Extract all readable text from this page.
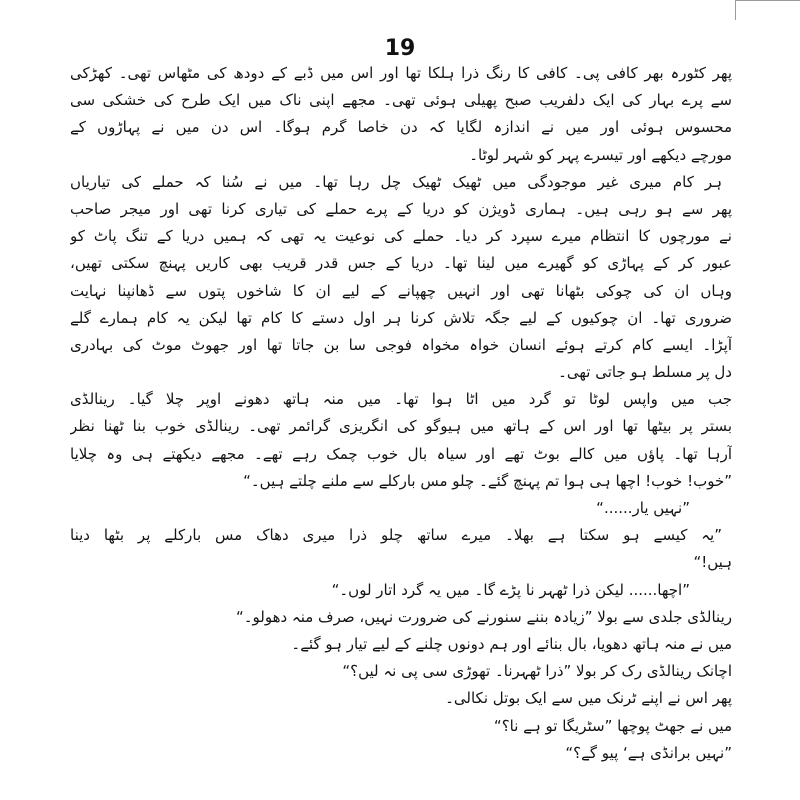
19
پھر کٹورہ بھر کافی پی۔ کافی کا رنگ ذرا ہلکا تھا اور اس میں ڈبے کے دودھ کی مٹھاس تھی۔ کھڑکی
سے پرے بہار کی ایک دلفریب صبح پھیلی ہوئی تھی۔ مجھے اپنی ناک میں ایک طرح کی خشکی سی
محسوس ہوئی اور میں نے اندازہ لگایا کہ دن خاصا گرم ہوگا۔ اس دن میں نے پہاڑوں کے
مورچے دیکھے اور تیسرے پہر کو شہر لوٹا۔
ہر کام میری غیر موجودگی میں ٹھیک ٹھیک چل رہا تھا۔ میں نے سُنا کہ حملے کی تیاریاں
پھر سے ہو رہی ہیں۔ ہماری ڈویژن کو دریا کے پرے حملے کی تیاری کرنا تھی اور میجر صاحب
نے مورچوں کا انتظام میرے سپرد کر دیا۔ حملے کی نوعیت یہ تھی کہ ہمیں دریا کے تنگ پاٹ کو
عبور کر کے پہاڑی کو گھیرے میں لینا تھا۔ دریا کے جس قدر قریب بھی کاریں پہنچ سکتی تھیں،
وہاں ان کی چوکی بٹھانا تھی اور انہیں چھپانے کے لیے ان کا شاخوں پتوں سے ڈھانپنا نہایت
ضروری تھا۔ ان چوکیوں کے لیے جگہ تلاش کرنا ہر اول دستے کا کام تھا لیکن یہ کام ہمارے گلے
آپڑا۔ ایسے کام کرتے ہوئے انسان خواہ مخواہ فوجی سا بن جاتا تھا اور جھوٹ موٹ کی بہادری
دل پر مسلط ہو جاتی تھی۔
جب میں واپس لوٹا تو گرد میں اٹا ہوا تھا۔ میں منہ ہاتھ دھونے اوپر چلا گیا۔ رینالڈی
بستر پر بیٹھا تھا اور اس کے ہاتھ میں ہیوگو کی انگریزی گرائمر تھی۔ رینالڈی خوب بنا ٹھنا نظر
آرہا تھا۔ پاؤں میں کالے بوٹ تھے اور سیاہ بال خوب چمک رہے تھے۔ مجھے دیکھتے ہی وہ چلایا
”خوب! خوب! اچھا ہی ہوا تم پہنچ گئے۔ چلو مس بارکلے سے ملنے چلتے ہیں۔“
”نہیں یار......“
”یہ کیسے ہو سکتا ہے بھلا۔ میرے ساتھ چلو ذرا میری دھاک مس بارکلے پر بٹھا دینا
ہیں!“
”اچھا...... لیکن ذرا ٹھہر نا پڑے گا۔ میں یہ گرد اتار لوں۔“
رینالڈی جلدی سے بولا ”زیادہ بننے سنورنے کی ضرورت نہیں، صرف منہ دھولو۔“
میں نے منہ ہاتھ دھویا، بال بنائے اور ہم دونوں چلنے کے لیے تیار ہو گئے۔
اچانک رینالڈی رک کر بولا ”ذرا ٹھہرنا۔ تھوڑی سی پی نہ لیں؟“
پھر اس نے اپنے ٹرنک میں سے ایک بوتل نکالی۔
میں نے جھٹ پوچھا ”سٹریگا تو ہے نا؟“
”نہیں برانڈی ہے‘ پیو گے؟“
